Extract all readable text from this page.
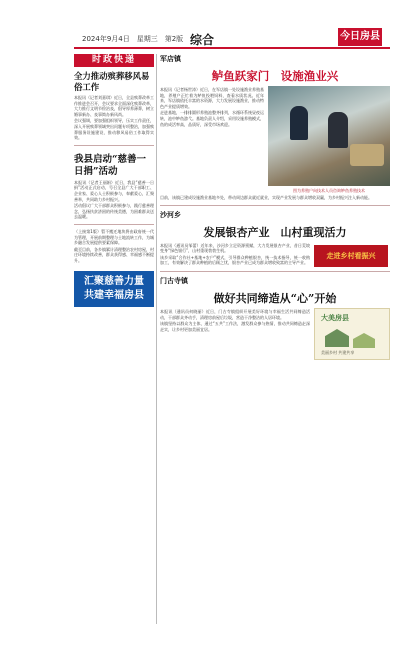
2024年9月4日　星期三　第2版 综合	今日房县
时政快递
全力推动殡葬移风易俗工作
本报讯（记者刘嘉琪）近日，全县殡葬改革工作推进会召开，会议要求全面深化殡葬改革，大力推行文明节俭治丧，倡导厚养薄葬，树立婚事新办、丧事简办新风尚。
会议强调，要加强组织领导，压实工作责任，深入开展殡葬领域突出问题专项整治，加强殡葬服务设施建设，推动移风易俗工作取得实效。
我县启动“慈善一日捐”活动
本报讯（记者王丽娟）近日，我县“慈善一日捐”活动正式启动，号召全县广大干部职工、企业家、爱心人士积极参与，奉献爱心，汇聚善举，共同助力乡村振兴。
活动倡议广大干部群众积极参与，践行慈善理念，弘扬扶贫济困的传统美德，为困难群众送去温暖。
（上接第1版）暂不搬迁地块将由政府统一代为管理，开展前期整理与土地流转工作，为城乡融合发展提供要素保障。
截至目前，各乡镇累计清理整治农村房屋，村庄环境持续改善，群众获得感、幸福感不断提升。
汇聚慈善力量
共建幸福房县
军店镇
鲈鱼跃家门　设施渔业兴
本报讯（记者杨世涛）近日，在军店镇一处设施渔业养殖基地，养殖户正忙着为鲈鱼投喂饲料，查看水质状况。近年来，军店镇依托丰富的水资源，大力发展设施渔业，推动特色产业提质增效。
走进基地，一排排圆形养殖池整齐排列，水循环系统昼夜运转，池中鲈鱼游弋。基地负责人介绍，采用设施养殖模式，鱼的成活率高，品质好，深受市场欢迎。
图为养殖户向技术人员咨询鲈鱼养殖技术
目前，该镇已建成设施渔业基地多处，带动周边群众就近就业，实现产业发展与群众增收双赢，为乡村振兴注入新动能。
沙河乡
发展银杏产业　山村重现活力
本报讯（通讯员邹蕾）近年来，沙河乡立足资源禀赋，大力发展银杏产业，昔日荒坡变身“绿色银行”，山村重现勃勃生机。
该乡采取“合作社+基地+农户”模式，引导群众种植银杏，统一技术指导，统一收购加工，有效解决了群众种植的后顾之忧，银杏产业已成为群众增收致富的主导产业。
走进乡村看振兴
门古寺镇
做好共同缔造从“心”开始
本报讯（通讯员何晓丽）近日，门古寺镇组织开展美好环境与幸福生活共同缔造活动，干部群众齐动手，清理房前屋后垃圾，营造干净整洁的人居环境。
该镇坚持以群众为主体，通过“五共”工作法，激发群众参与热情，推动共同缔造走深走实，让乡村更加美丽宜居。
大美房县
美丽乡村 共建共享
